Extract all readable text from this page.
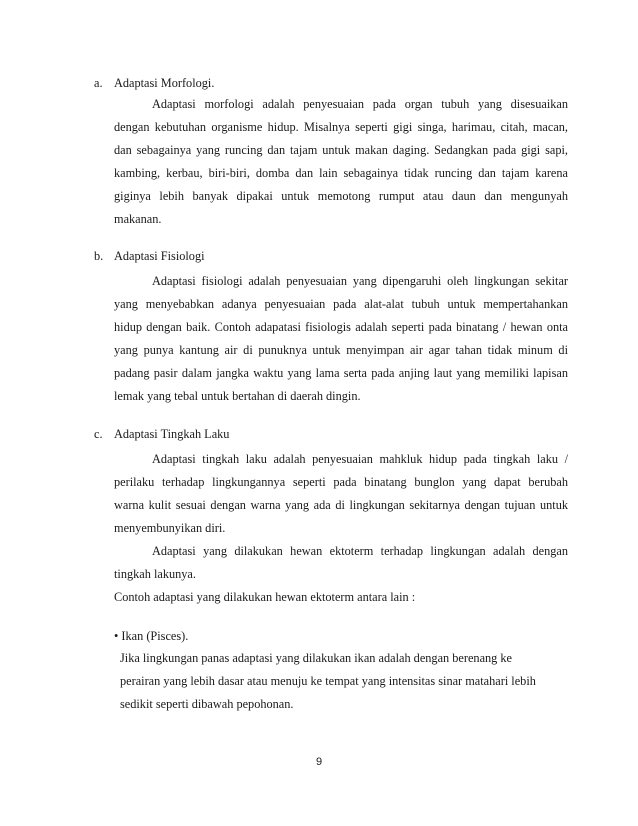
a. Adaptasi Morfologi.
Adaptasi morfologi adalah penyesuaian pada organ tubuh yang disesuaikan
dengan kebutuhan organisme hidup. Misalnya seperti gigi singa, harimau, citah, macan,
dan sebagainya yang runcing dan tajam untuk makan daging. Sedangkan pada gigi sapi,
kambing, kerbau, biri-biri, domba dan lain sebagainya tidak runcing dan tajam karena
giginya lebih banyak dipakai untuk memotong rumput atau daun dan mengunyah
makanan.
b. Adaptasi Fisiologi
Adaptasi fisiologi adalah penyesuaian yang dipengaruhi oleh lingkungan sekitar
yang menyebabkan adanya penyesuaian pada alat-alat tubuh untuk mempertahankan
hidup dengan baik. Contoh adapatasi fisiologis adalah seperti pada binatang / hewan onta
yang punya kantung air di punuknya untuk menyimpan air agar tahan tidak minum di
padang pasir dalam jangka waktu yang lama serta pada anjing laut yang memiliki lapisan
lemak yang tebal untuk bertahan di daerah dingin.
c. Adaptasi Tingkah Laku
Adaptasi tingkah laku adalah penyesuaian mahkluk hidup pada tingkah laku /
perilaku terhadap lingkungannya seperti pada binatang bunglon yang dapat berubah
warna kulit sesuai dengan warna yang ada di lingkungan sekitarnya dengan tujuan untuk
menyembunyikan diri.
Adaptasi yang dilakukan hewan ektoterm terhadap lingkungan adalah dengan
tingkah lakunya.
Contoh adaptasi yang dilakukan hewan ektoterm antara lain :
• Ikan (Pisces).
Jika lingkungan panas adaptasi yang dilakukan ikan adalah dengan berenang ke
perairan yang lebih dasar atau menuju ke tempat yang intensitas sinar matahari lebih
sedikit seperti dibawah pepohonan.
9
